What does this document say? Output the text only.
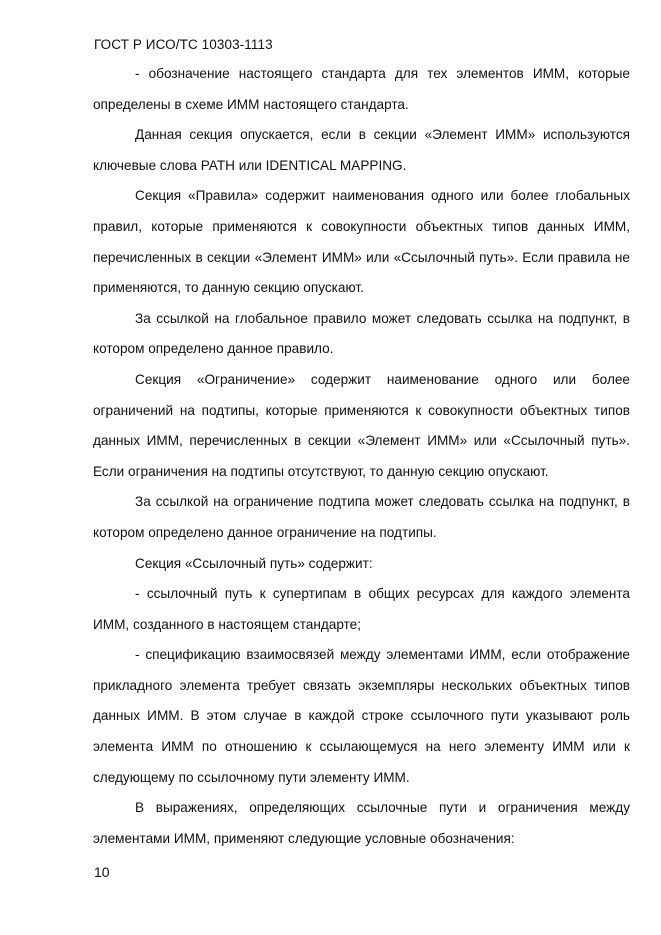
ГОСТ Р ИСО/ТС 10303-1113

- обозначение настоящего стандарта для тех элементов ИММ, которые определены в схеме ИММ настоящего стандарта.

Данная секция опускается, если в секции «Элемент ИММ» используются ключевые слова PATH или IDENTICAL MAPPING.

Секция «Правила» содержит наименования одного или более глобальных правил, которые применяются к совокупности объектных типов данных ИММ, перечисленных в секции «Элемент ИММ» или «Ссылочный путь». Если правила не применяются, то данную секцию опускают.

За ссылкой на глобальное правило может следовать ссылка на подпункт, в котором определено данное правило.

Секция «Ограничение» содержит наименование одного или более ограничений на подтипы, которые применяются к совокупности объектных типов данных ИММ, перечисленных в секции «Элемент ИММ» или «Ссылочный путь». Если ограничения на подтипы отсутствуют, то данную секцию опускают.

За ссылкой на ограничение подтипа может следовать ссылка на подпункт, в котором определено данное ограничение на подтипы.

Секция «Ссылочный путь» содержит:

- ссылочный путь к супертипам в общих ресурсах для каждого элемента ИММ, созданного в настоящем стандарте;

- спецификацию взаимосвязей между элементами ИММ, если отображение прикладного элемента требует связать экземпляры нескольких объектных типов данных ИММ. В этом случае в каждой строке ссылочного пути указывают роль элемента ИММ по отношению к ссылающемуся на него элементу ИММ или к следующему по ссылочному пути элементу ИММ.

В выражениях, определяющих ссылочные пути и ограничения между элементами ИММ, применяют следующие условные обозначения:

10
